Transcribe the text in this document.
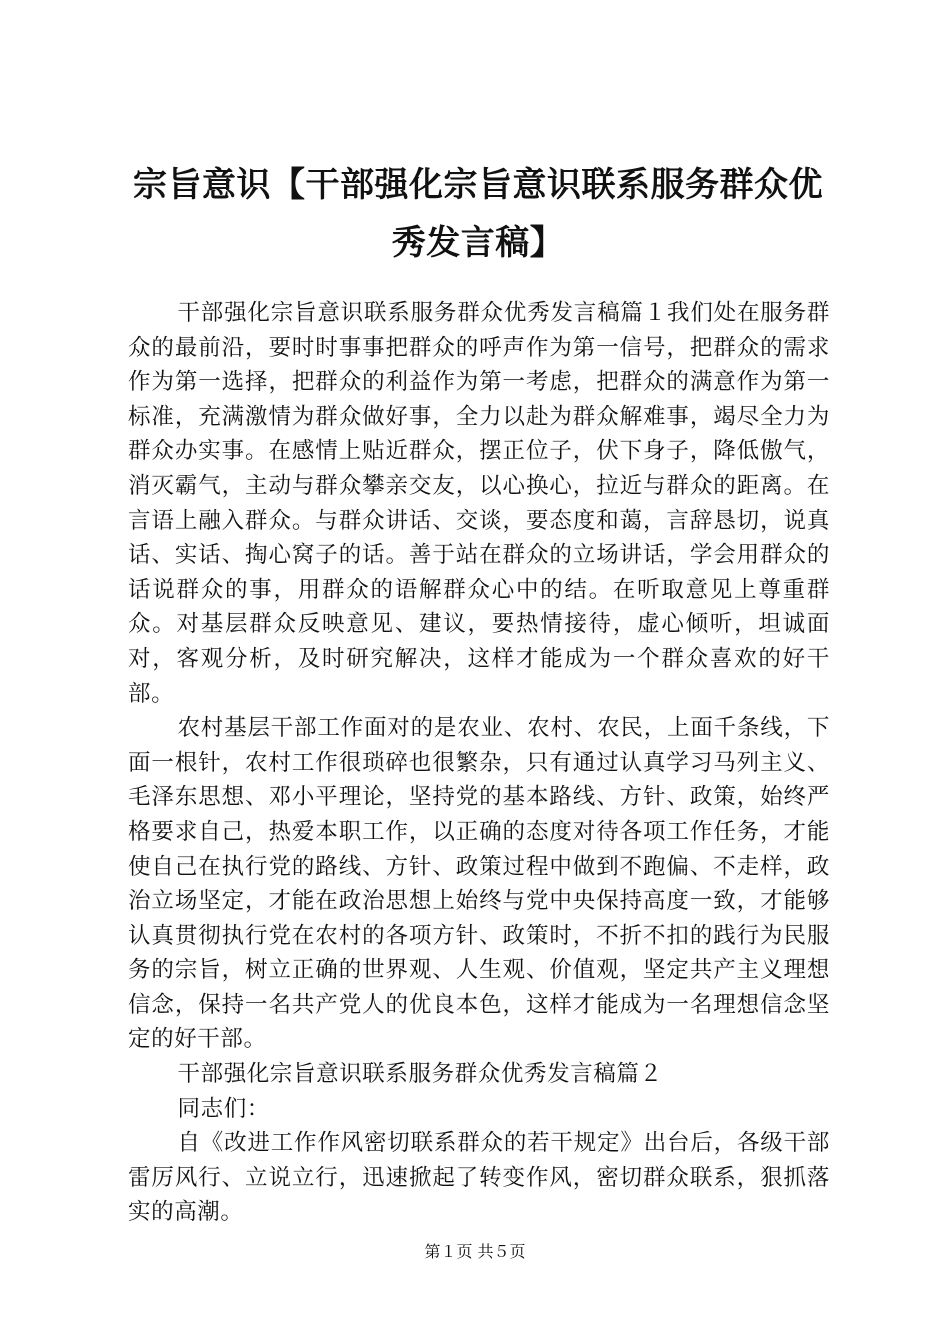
宗旨意识【干部强化宗旨意识联系服务群众优秀发言稿】

干部强化宗旨意识联系服务群众优秀发言稿篇１我们处在服务群众的最前沿，要时时事事把群众的呼声作为第一信号，把群众的需求作为第一选择，把群众的利益作为第一考虑，把群众的满意作为第一标准，充满激情为群众做好事，全力以赴为群众解难事，竭尽全力为群众办实事。在感情上贴近群众，摆正位子，伏下身子，降低傲气，消灭霸气，主动与群众攀亲交友，以心换心，拉近与群众的距离。在言语上融入群众。与群众讲话、交谈，要态度和蔼，言辞恳切，说真话、实话、掏心窝子的话。善于站在群众的立场讲话，学会用群众的话说群众的事，用群众的语解群众心中的结。在听取意见上尊重群众。对基层群众反映意见、建议，要热情接待，虚心倾听，坦诚面对，客观分析，及时研究解决，这样才能成为一个群众喜欢的好干部。

农村基层干部工作面对的是农业、农村、农民，上面千条线，下面一根针，农村工作很琐碎也很繁杂，只有通过认真学习马列主义、毛泽东思想、邓小平理论，坚持党的基本路线、方针、政策，始终严格要求自己，热爱本职工作，以正确的态度对待各项工作任务，才能使自己在执行党的路线、方针、政策过程中做到不跑偏、不走样，政治立场坚定，才能在政治思想上始终与党中央保持高度一致，才能够认真贯彻执行党在农村的各项方针、政策时，不折不扣的践行为民服务的宗旨，树立正确的世界观、人生观、价值观，坚定共产主义理想信念，保持一名共产党人的优良本色，这样才能成为一名理想信念坚定的好干部。

干部强化宗旨意识联系服务群众优秀发言稿篇２

同志们：

自《改进工作作风密切联系群众的若干规定》出台后，各级干部雷厉风行、立说立行，迅速掀起了转变作风，密切群众联系，狠抓落实的高潮。

第１页 共５页
